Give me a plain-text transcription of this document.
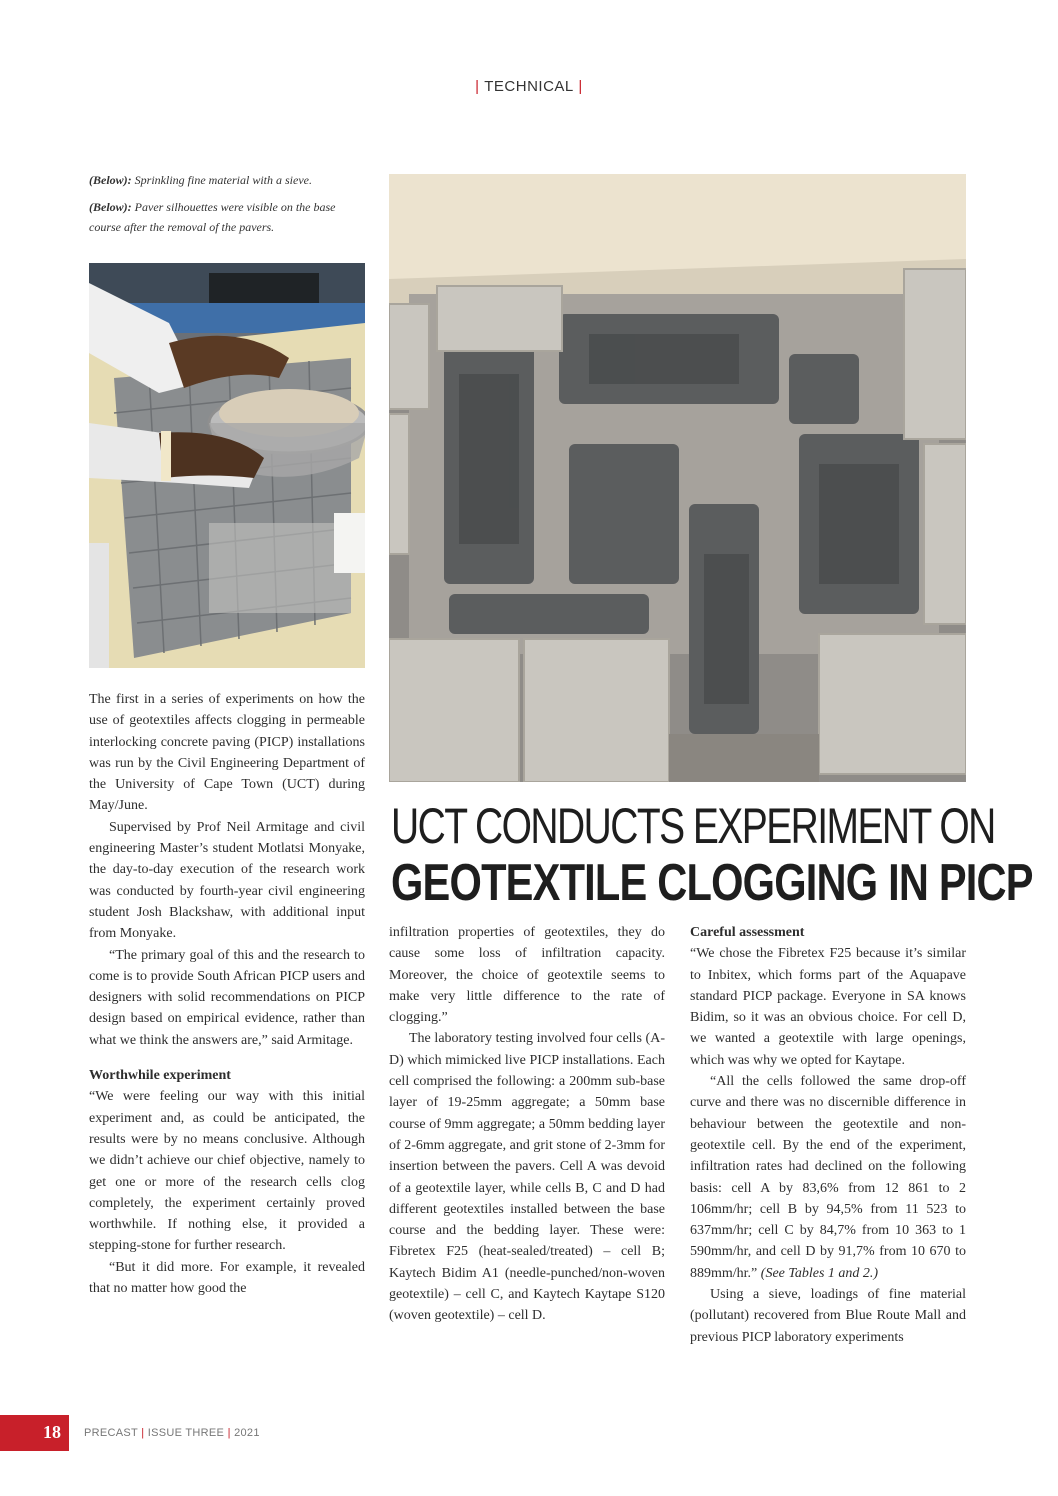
| TECHNICAL |

(Below): Sprinkling fine material with a sieve.

(Below): Paver silhouettes were visible on the base course after the removal of the pavers.

UCT CONDUCTS EXPERIMENT ON
GEOTEXTILE CLOGGING IN PICP

The first in a series of experiments on how the use of geotextiles affects clogging in permeable interlocking concrete paving (PICP) installations was run by the Civil Engineering Department of the University of Cape Town (UCT) during May/June.

Supervised by Prof Neil Armitage and civil engineering Master’s student Motlatsi Monyake, the day-to-day execution of the research work was conducted by fourth-year civil engineering student Josh Blackshaw, with additional input from Monyake.

“The primary goal of this and the research to come is to provide South African PICP users and designers with solid recommendations on PICP design based on empirical evidence, rather than what we think the answers are,” said Armitage.

Worthwhile experiment

“We were feeling our way with this initial experiment and, as could be anticipated, the results were by no means conclusive. Although we didn’t achieve our chief objective, namely to get one or more of the research cells clog completely, the experiment certainly proved worthwhile. If nothing else, it provided a stepping-stone for further research.

“But it did more. For example, it revealed that no matter how good the

infiltration properties of geotextiles, they do cause some loss of infiltration capacity. Moreover, the choice of geotextile seems to make very little difference to the rate of clogging.”

The laboratory testing involved four cells (A-D) which mimicked live PICP installations. Each cell comprised the following: a 200mm sub-base layer of 19-25mm aggregate; a 50mm base course of 9mm aggregate; a 50mm bedding layer of 2-6mm aggregate, and grit stone of 2-3mm for insertion between the pavers. Cell A was devoid of a geotextile layer, while cells B, C and D had different geotextiles installed between the base course and the bedding layer. These were: Fibretex F25 (heat-sealed/treated) – cell B; Kaytech Bidim A1 (needle-punched/non-woven geotextile) – cell C, and Kaytech Kaytape S120 (woven geotextile) – cell D.

Careful assessment

“We chose the Fibretex F25 because it’s similar to Inbitex, which forms part of the Aquapave standard PICP package. Everyone in SA knows Bidim, so it was an obvious choice. For cell D, we wanted a geotextile with large openings, which was why we opted for Kaytape.

“All the cells followed the same drop-off curve and there was no discernible difference in behaviour between the geotextile and non-geotextile cell. By the end of the experiment, infiltration rates had declined on the following basis: cell A by 83,6% from 12 861 to 2 106mm/hr; cell B by 94,5% from 11 523 to 637mm/hr; cell C by 84,7% from 10 363 to 1 590mm/hr, and cell D by 91,7% from 10 670 to 889mm/hr.” (See Tables 1 and 2.)

Using a sieve, loadings of fine material (pollutant) recovered from Blue Route Mall and previous PICP laboratory experiments

18 PRECAST | ISSUE THREE | 2021
